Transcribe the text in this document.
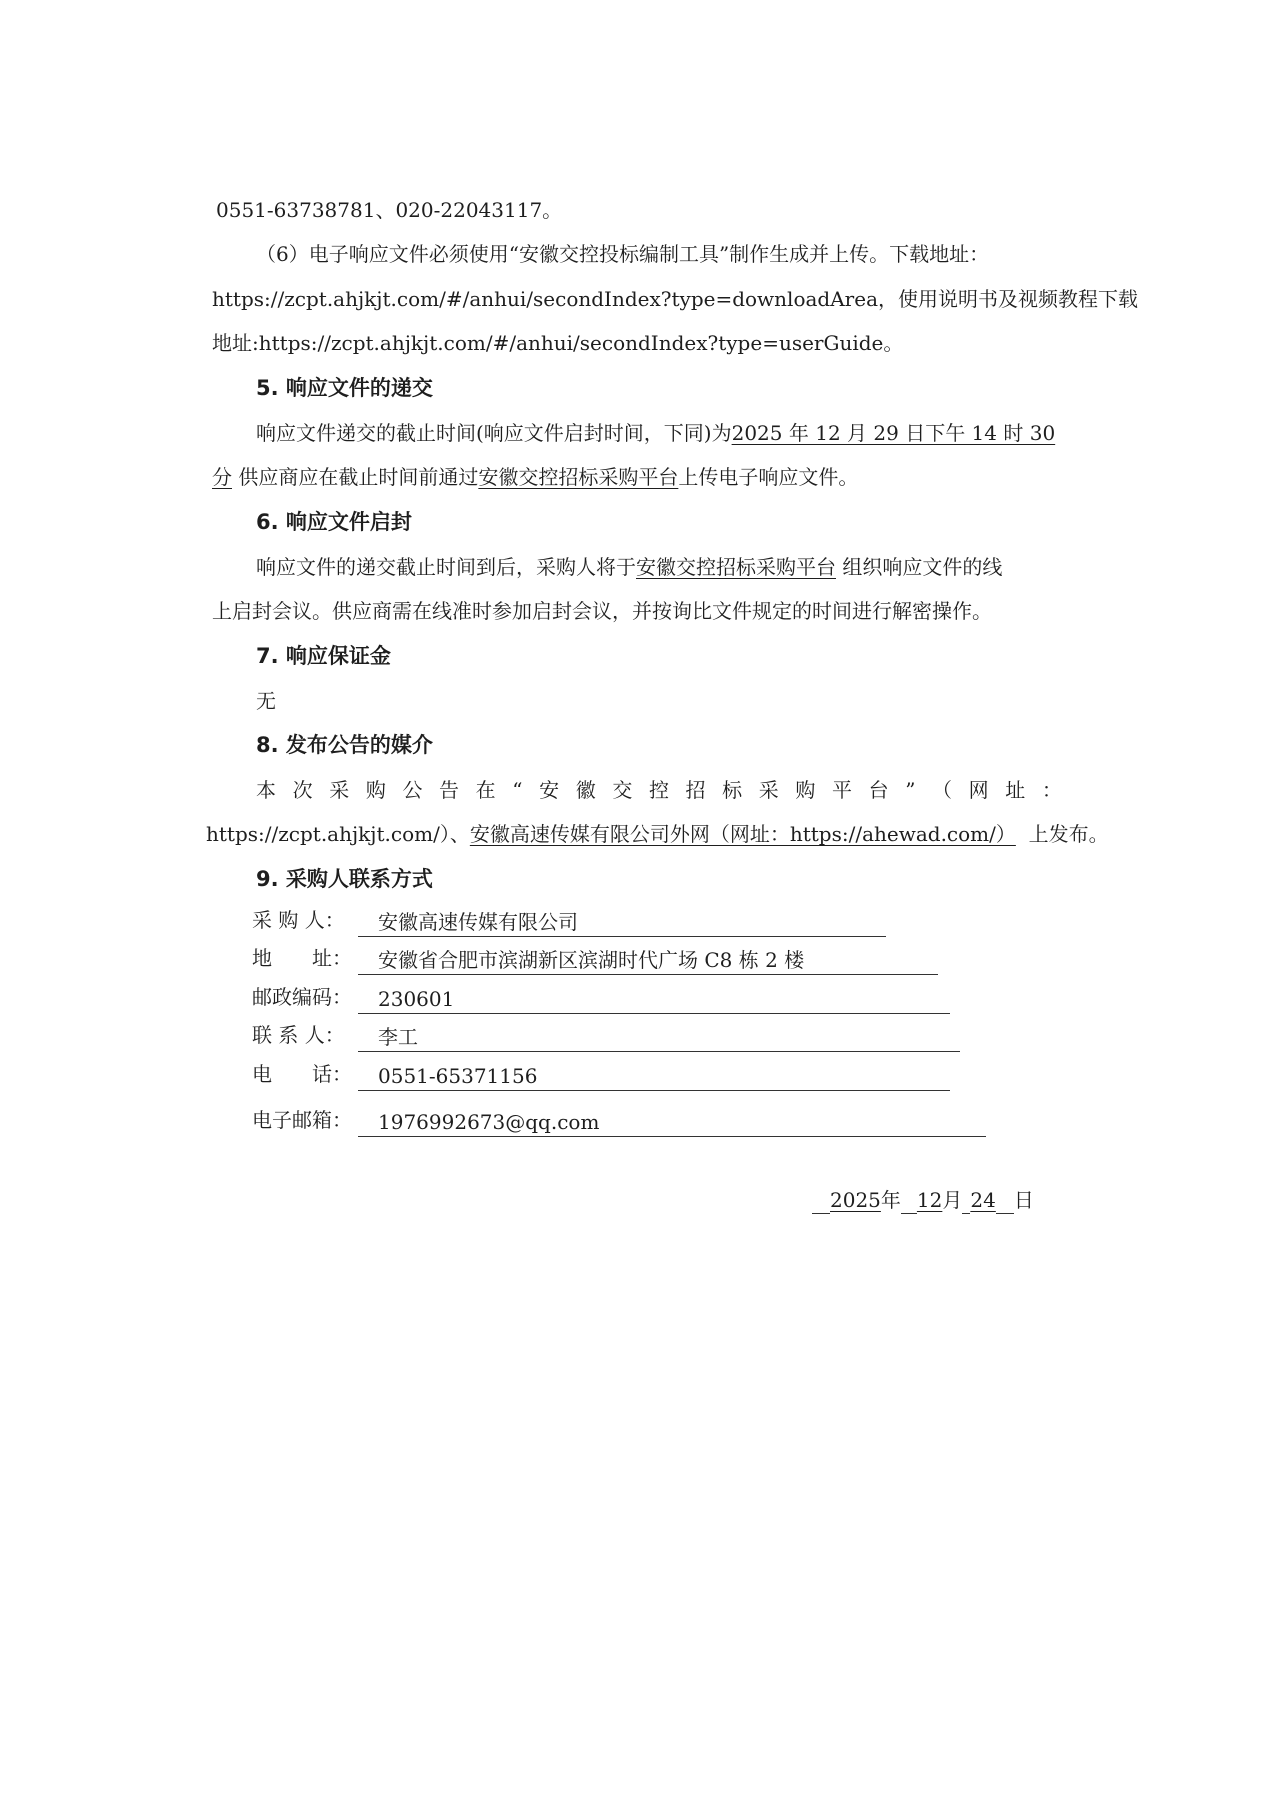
0551-63738781、020-22043117。
（6）电子响应文件必须使用“安徽交控投标编制工具”制作生成并上传。下载地址：
https://zcpt.ahjkjt.com/#/anhui/secondIndex?type=downloadArea，使用说明书及视频教程下载
地址:https://zcpt.ahjkjt.com/#/anhui/secondIndex?type=userGuide。
5. 响应文件的递交
响应文件递交的截止时间(响应文件启封时间，下同)为2025 年 12 月 29 日下午 14 时 30
分 供应商应在截止时间前通过安徽交控招标采购平台上传电子响应文件。
6. 响应文件启封
响应文件的递交截止时间到后，采购人将于安徽交控招标采购平台 组织响应文件的线
上启封会议。供应商需在线准时参加启封会议，并按询比文件规定的时间进行解密操作。
7. 响应保证金
无
8. 发布公告的媒介
本 次 采 购 公 告 在 “ 安 徽 交 控 招 标 采 购 平 台 ” （ 网 址 ：
https://zcpt.ahjkjt.com/）、安徽高速传媒有限公司外网（网址：https://ahewad.com/） 上发布。
9. 采购人联系方式
采 购 人： 安徽高速传媒有限公司
地　　址： 安徽省合肥市滨湖新区滨湖时代广场 C8 栋 2 楼
邮政编码： 230601
联 系 人： 李工
电　　话： 0551-65371156
电子邮箱： 1976992673@qq.com
2025年 12月 24 日
